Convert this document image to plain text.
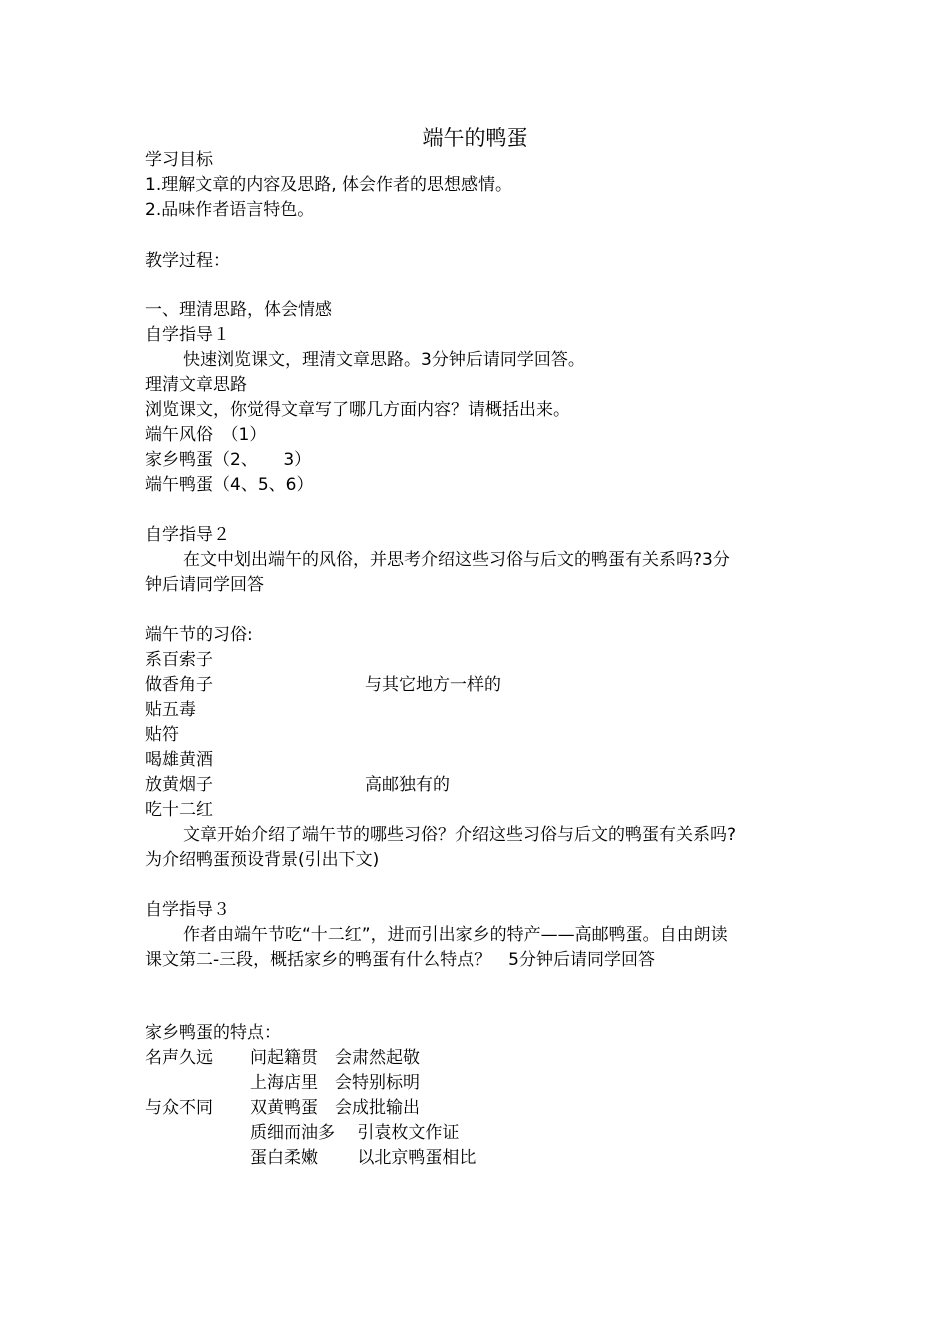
端午的鸭蛋
学习目标
1.理解文章的内容及思路, 体会作者的思想感情。
2.品味作者语言特色。
教学过程：
一、理清思路，体会情感
自学指导１
快速浏览课文，理清文章思路。3分钟后请同学回答。
理清文章思路
浏览课文，你觉得文章写了哪几方面内容？请概括出来。
端午风俗　（1）
家乡鸭蛋（2、　　3）
端午鸭蛋（4、5、6）
自学指导２
在文中划出端午的风俗，并思考介绍这些习俗与后文的鸭蛋有关系吗?3分
钟后请同学回答
端午节的习俗:
系百索子
做香角子	与其它地方一样的
贴五毒
贴符
喝雄黄酒
放黄烟子	高邮独有的
吃十二红
文章开始介绍了端午节的哪些习俗？介绍这些习俗与后文的鸭蛋有关系吗?
为介绍鸭蛋预设背景(引出下文)
自学指导３
作者由端午节吃“十二红”，进而引出家乡的特产——高邮鸭蛋。自由朗读
课文第二-三段，概括家乡的鸭蛋有什么特点？　5分钟后请同学回答
家乡鸭蛋的特点：
名声久远 问起籍贯　会肃然起敬
上海店里　会特别标明
与众不同 双黄鸭蛋　会成批输出
质细而油多　 引袁枚文作证
蛋白柔嫩　　 以北京鸭蛋相比
